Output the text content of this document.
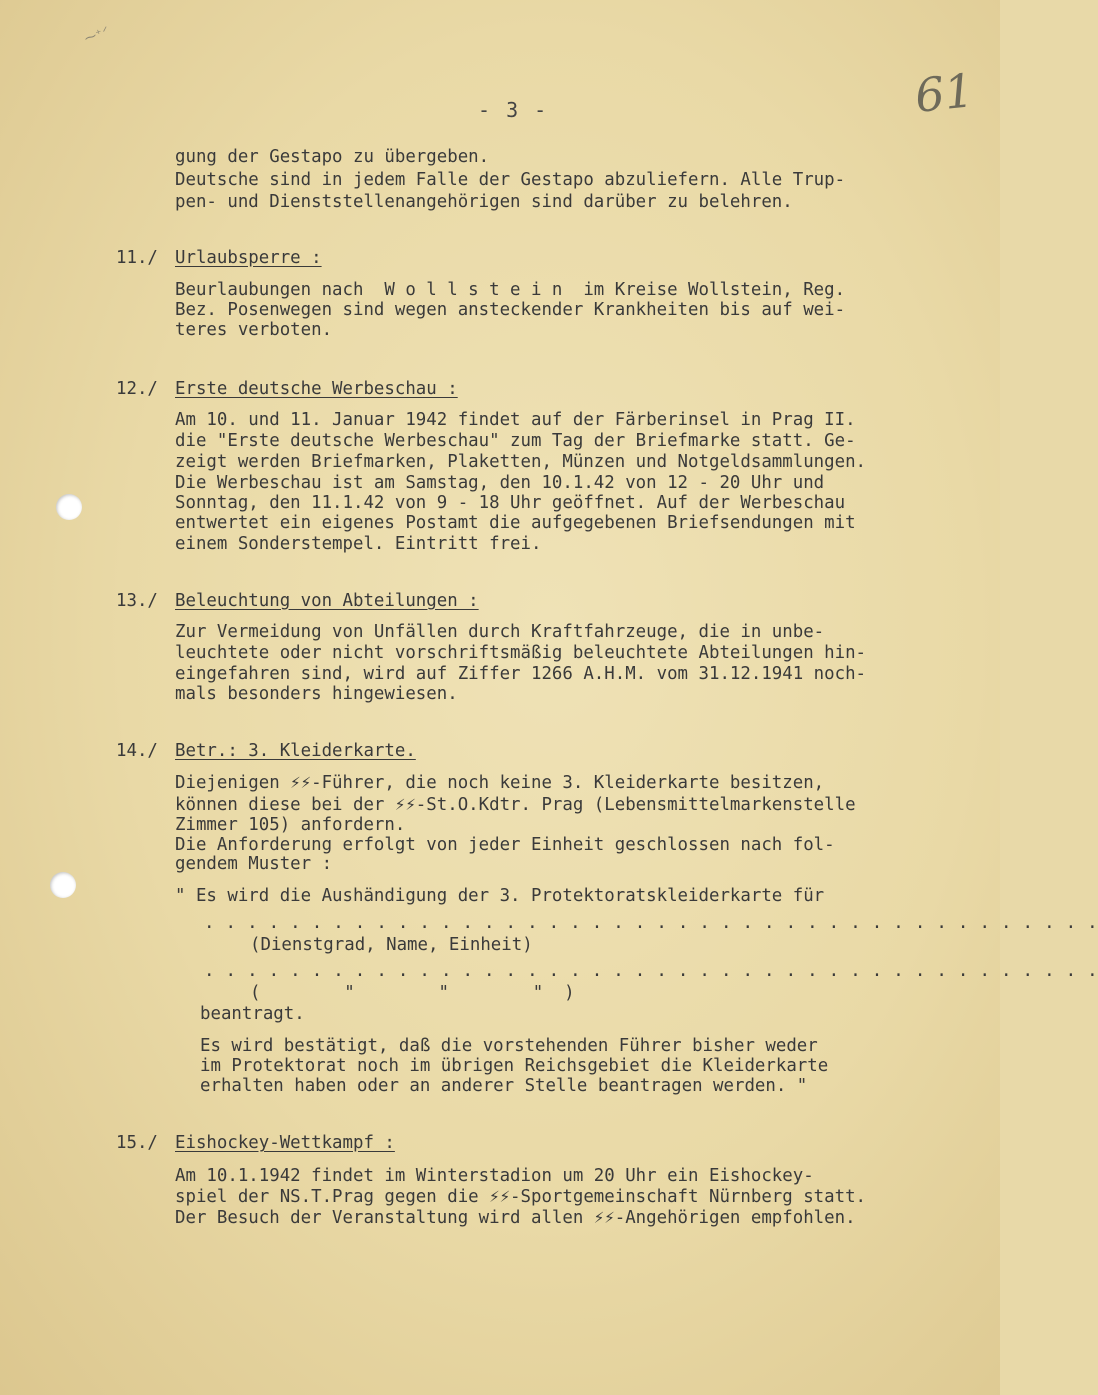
⁓⁺ᐟ
- 3 -	61
gung der Gestapo zu übergeben.
Deutsche sind in jedem Falle der Gestapo abzuliefern. Alle Trup-
pen- und Dienststellenangehörigen sind darüber zu belehren.
11./ Urlaubsperre :
Beurlaubungen nach  W o l l s t e i n  im Kreise Wollstein, Reg.
Bez. Posenwegen sind wegen ansteckender Krankheiten bis auf wei-
teres verboten.
12./ Erste deutsche Werbeschau :
Am 10. und 11. Januar 1942 findet auf der Färberinsel in Prag II.
die "Erste deutsche Werbeschau" zum Tag der Briefmarke statt. Ge-
zeigt werden Briefmarken, Plaketten, Münzen und Notgeldsammlungen.
Die Werbeschau ist am Samstag, den 10.1.42 von 12 - 20 Uhr und
Sonntag, den 11.1.42 von 9 - 18 Uhr geöffnet. Auf der Werbeschau
entwertet ein eigenes Postamt die aufgegebenen Briefsendungen mit
einem Sonderstempel. Eintritt frei.
13./ Beleuchtung von Abteilungen :
Zur Vermeidung von Unfällen durch Kraftfahrzeuge, die in unbe-
leuchtete oder nicht vorschriftsmäßig beleuchtete Abteilungen hin-
eingefahren sind, wird auf Ziffer 1266 A.H.M. vom 31.12.1941 noch-
mals besonders hingewiesen.
14./ Betr.: 3. Kleiderkarte.
Diejenigen ⚡⚡-Führer, die noch keine 3. Kleiderkarte besitzen,
können diese bei der ⚡⚡-St.O.Kdtr. Prag (Lebensmittelmarkenstelle
Zimmer 105) anfordern.
Die Anforderung erfolgt von jeder Einheit geschlossen nach fol-
gendem Muster :
" Es wird die Aushändigung der 3. Protektoratskleiderkarte für
. . . . . . . . . . . . . . . . . . . . . . . . . . . . . . . . . . . . . . . . . .
(Dienstgrad, Name, Einheit)
. . . . . . . . . . . . . . . . . . . . . . . . . . . . . . . . . . . . . . . . . .
(        "        "        "  )
beantragt.
Es wird bestätigt, daß die vorstehenden Führer bisher weder
im Protektorat noch im übrigen Reichsgebiet die Kleiderkarte
erhalten haben oder an anderer Stelle beantragen werden. "
15./ Eishockey-Wettkampf :
Am 10.1.1942 findet im Winterstadion um 20 Uhr ein Eishockey-
spiel der NS.T.Prag gegen die ⚡⚡-Sportgemeinschaft Nürnberg statt.
Der Besuch der Veranstaltung wird allen ⚡⚡-Angehörigen empfohlen.
